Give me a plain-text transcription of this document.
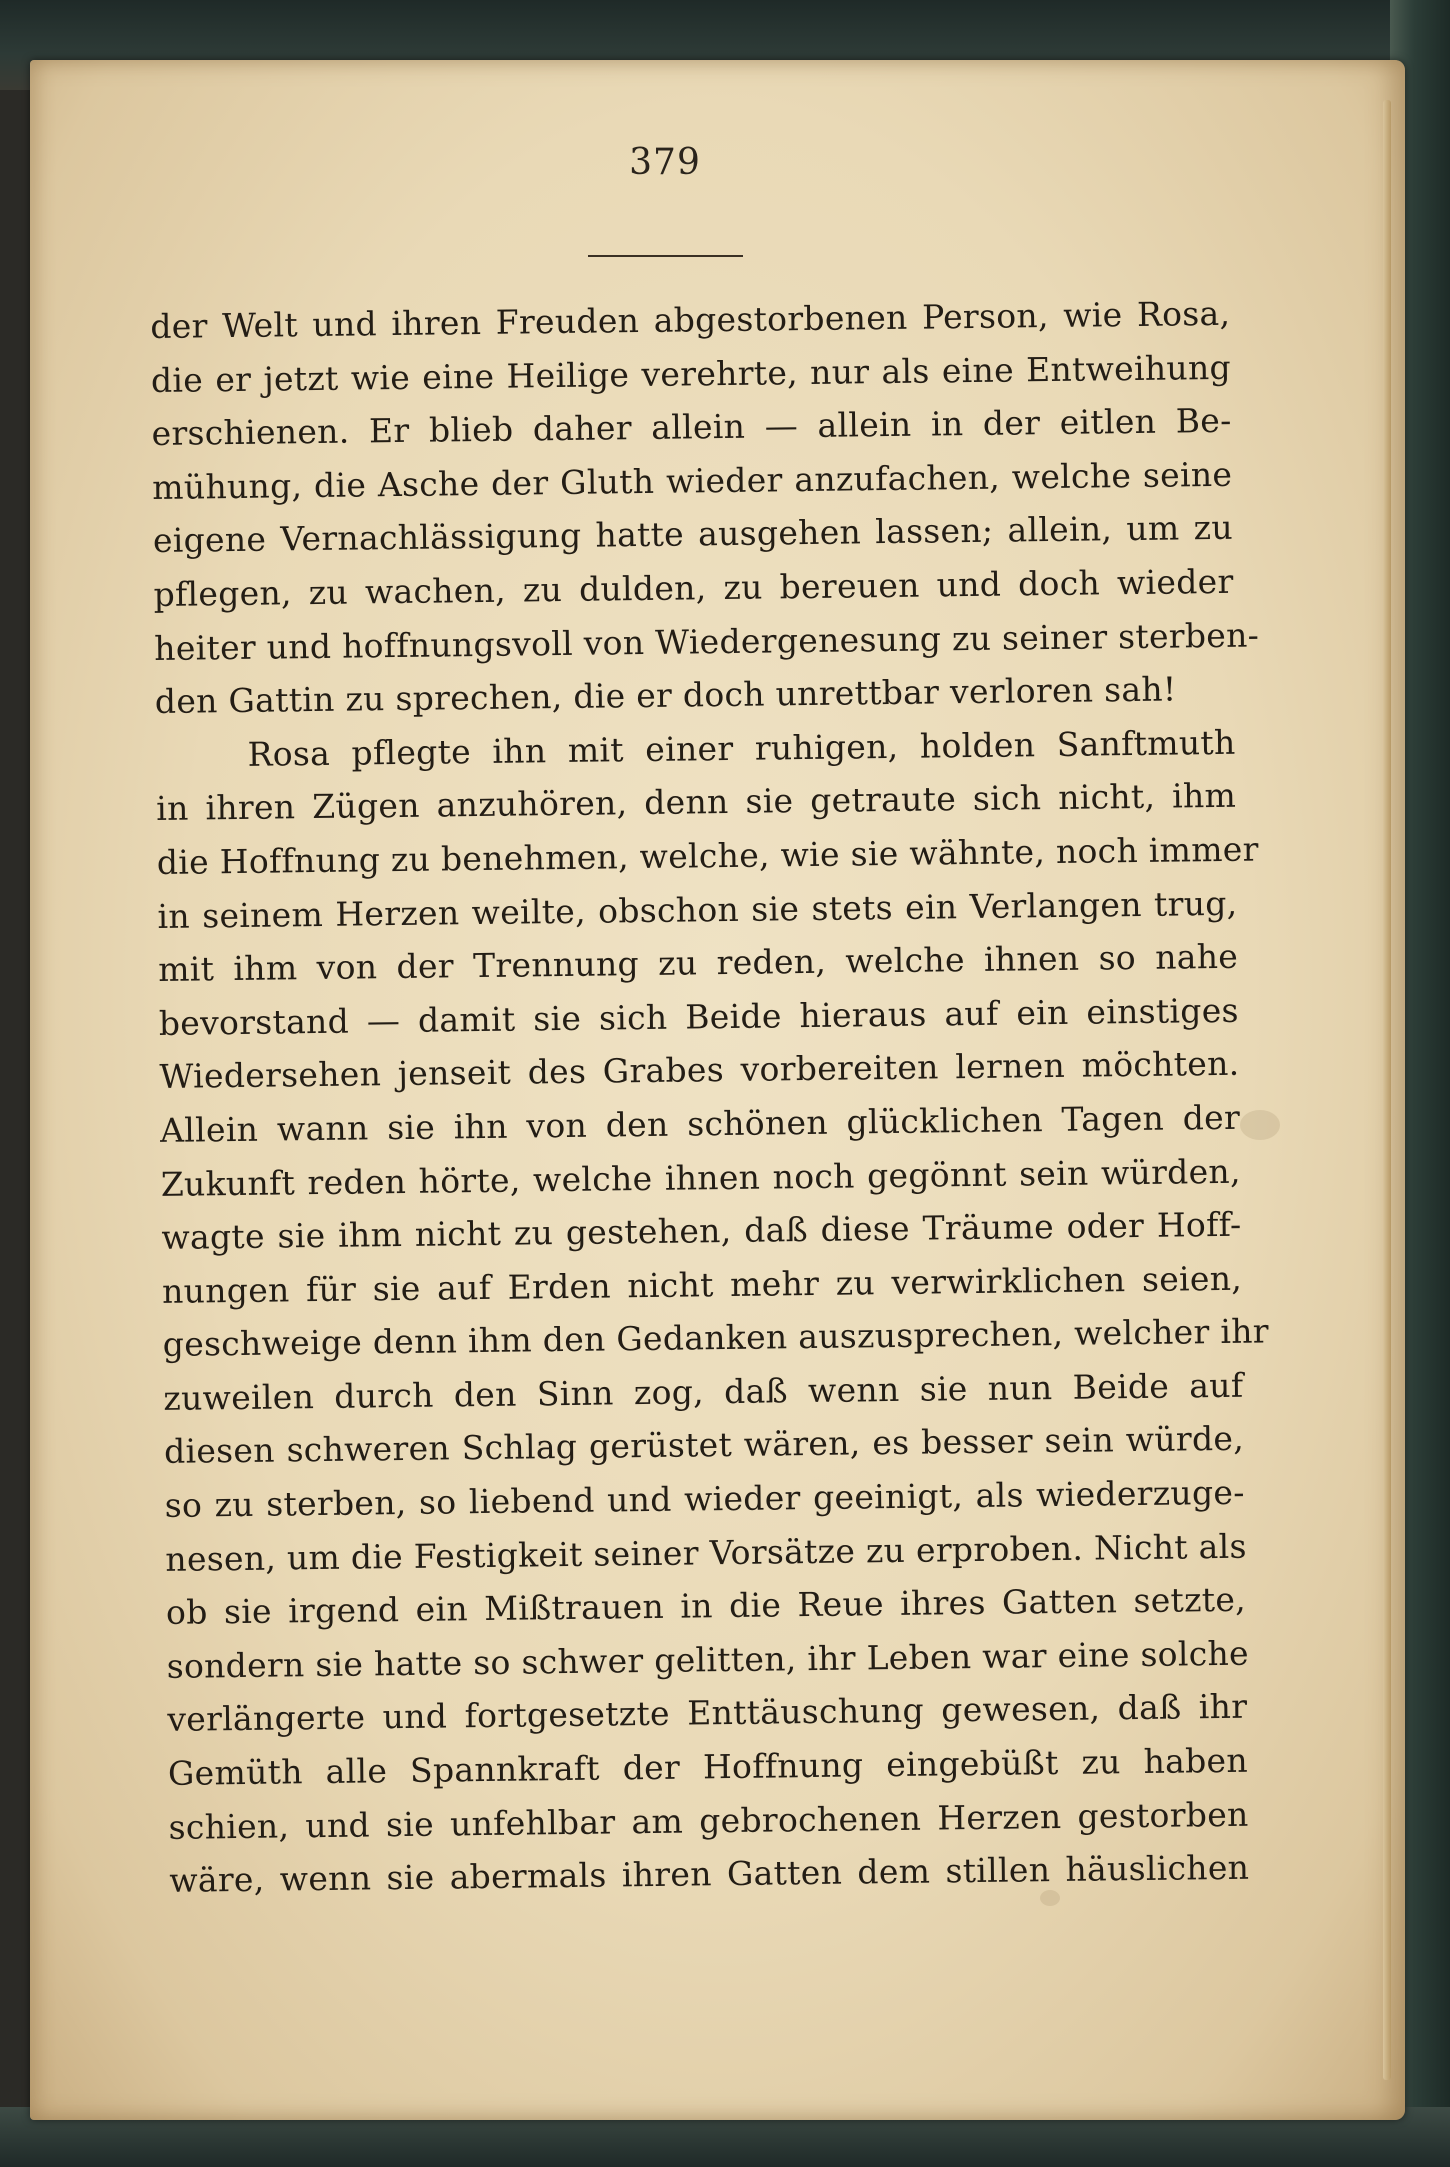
379
der Welt und ihren Freuden abgestorbenen Person, wie Rosa,
die er jetzt wie eine Heilige verehrte, nur als eine Entweihung
erschienen. Er blieb daher allein — allein in der eitlen Be-
mühung, die Asche der Gluth wieder anzufachen, welche seine
eigene Vernachlässigung hatte ausgehen lassen; allein, um zu
pflegen, zu wachen, zu dulden, zu bereuen und doch wieder
heiter und hoffnungsvoll von Wiedergenesung zu seiner sterben-
den Gattin zu sprechen, die er doch unrettbar verloren sah!
Rosa pflegte ihn mit einer ruhigen, holden Sanftmuth
in ihren Zügen anzuhören, denn sie getraute sich nicht, ihm
die Hoffnung zu benehmen, welche, wie sie wähnte, noch immer
in seinem Herzen weilte, obschon sie stets ein Verlangen trug,
mit ihm von der Trennung zu reden, welche ihnen so nahe
bevorstand — damit sie sich Beide hieraus auf ein einstiges
Wiedersehen jenseit des Grabes vorbereiten lernen möchten.
Allein wann sie ihn von den schönen glücklichen Tagen der
Zukunft reden hörte, welche ihnen noch gegönnt sein würden,
wagte sie ihm nicht zu gestehen, daß diese Träume oder Hoff-
nungen für sie auf Erden nicht mehr zu verwirklichen seien,
geschweige denn ihm den Gedanken auszusprechen, welcher ihr
zuweilen durch den Sinn zog, daß wenn sie nun Beide auf
diesen schweren Schlag gerüstet wären, es besser sein würde,
so zu sterben, so liebend und wieder geeinigt, als wiederzuge-
nesen, um die Festigkeit seiner Vorsätze zu erproben. Nicht als
ob sie irgend ein Mißtrauen in die Reue ihres Gatten setzte,
sondern sie hatte so schwer gelitten, ihr Leben war eine solche
verlängerte und fortgesetzte Enttäuschung gewesen, daß ihr
Gemüth alle Spannkraft der Hoffnung eingebüßt zu haben
schien, und sie unfehlbar am gebrochenen Herzen gestorben
wäre, wenn sie abermals ihren Gatten dem stillen häuslichen
